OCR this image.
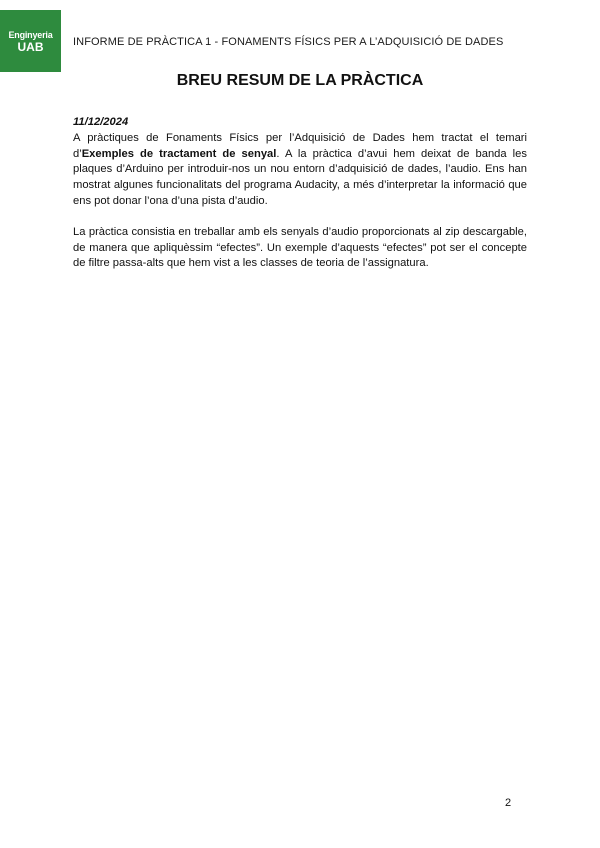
Enginyeria
UAB	INFORME DE PRÀCTICA 1 - FONAMENTS FÍSICS PER A L’ADQUISICIÓ DE DADES
BREU RESUM DE LA PRÀCTICA

11/12/2024

A pràctiques de Fonaments Físics per l’Adquisició de Dades hem tractat el temari d’Exemples de tractament de senyal. A la pràctica d’avui hem deixat de banda les plaques d’Arduino per introduir-nos un nou entorn d’adquisició de dades, l’audio. Ens han mostrat algunes funcionalitats del programa Audacity, a més d’interpretar la informació que ens pot donar l’ona d’una pista d’audio.

La pràctica consistia en treballar amb els senyals d’audio proporcionats al zip descargable, de manera que apliquèssim “efectes”. Un exemple d’aquests “efectes” pot ser el concepte de filtre passa-alts que hem vist a les classes de teoria de l’assignatura.

2
